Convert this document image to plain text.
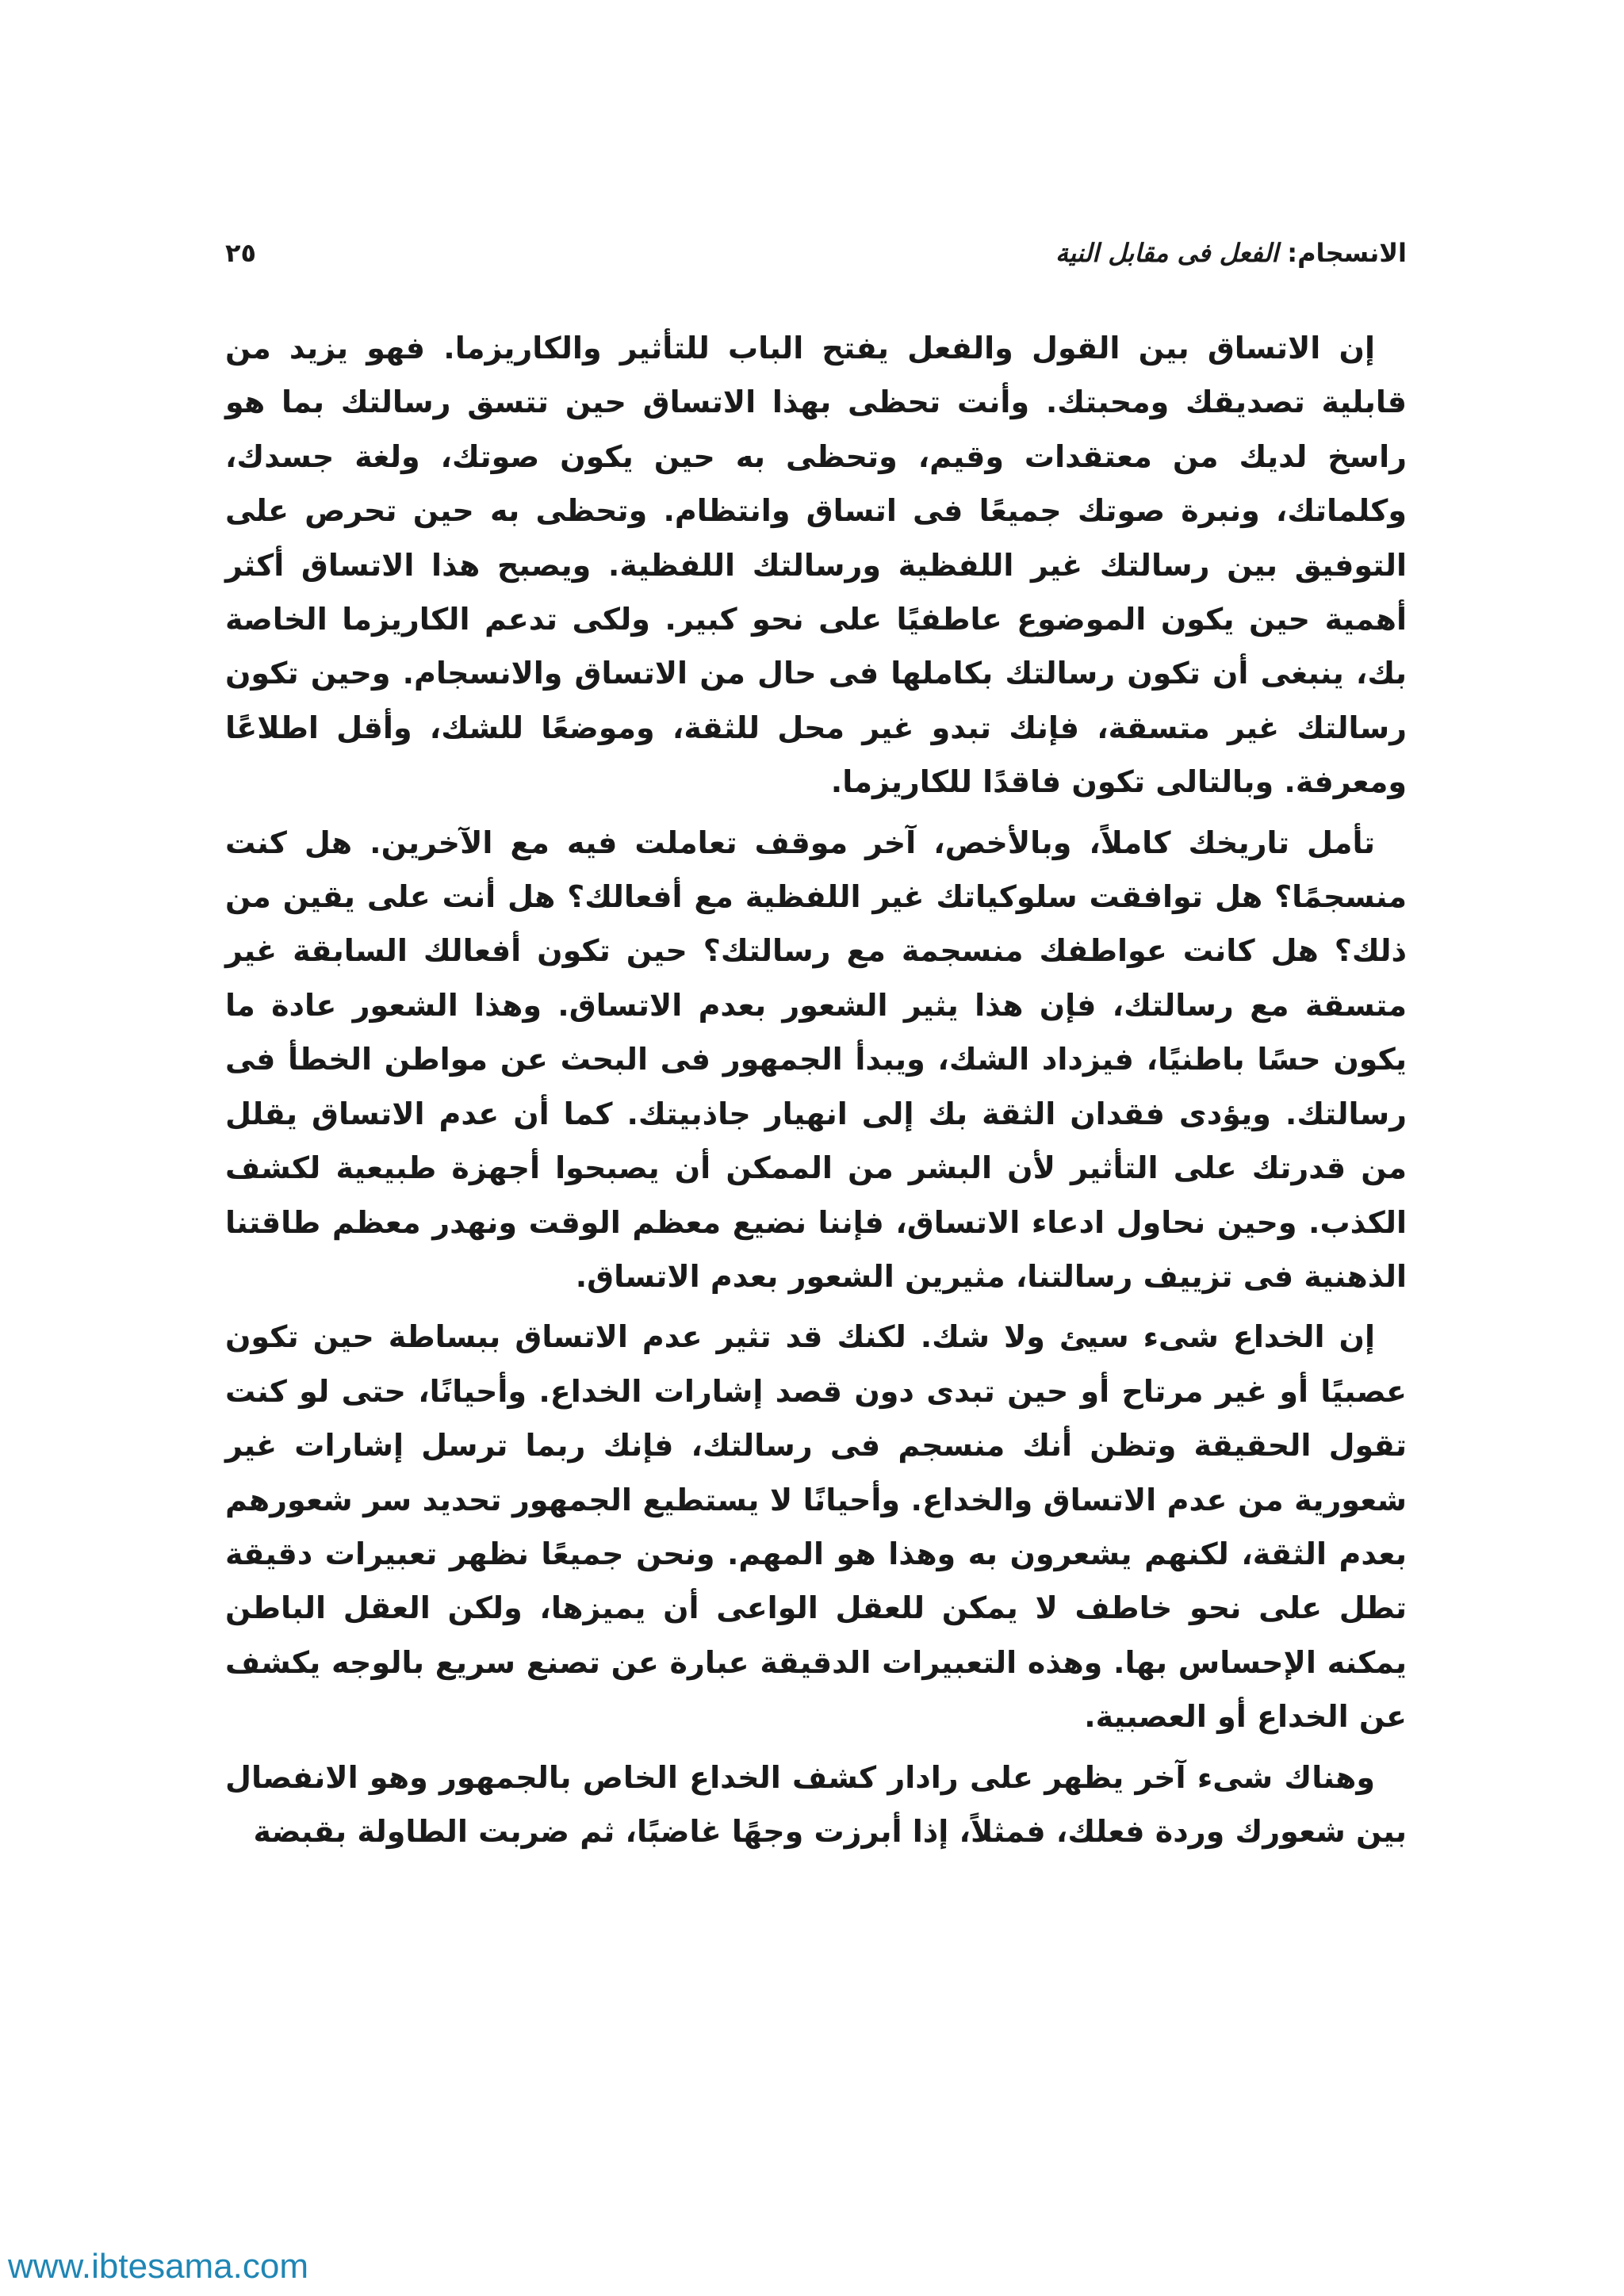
الانسجام: الفعل فى مقابل النية
٢٥

إن الاتساق بين القول والفعل يفتح الباب للتأثير والكاريزما. فهو يزيد من قابلية تصديقك ومحبتك. وأنت تحظى بهذا الاتساق حين تتسق رسالتك بما هو راسخ لديك من معتقدات وقيم، وتحظى به حين يكون صوتك، ولغة جسدك، وكلماتك، ونبرة صوتك جميعًا فى اتساق وانتظام. وتحظى به حين تحرص على التوفيق بين رسالتك غير اللفظية ورسالتك اللفظية. ويصبح هذا الاتساق أكثر أهمية حين يكون الموضوع عاطفيًا على نحو كبير. ولكى تدعم الكاريزما الخاصة بك، ينبغى أن تكون رسالتك بكاملها فى حال من الاتساق والانسجام. وحين تكون رسالتك غير متسقة، فإنك تبدو غير محل للثقة، وموضعًا للشك، وأقل اطلاعًا ومعرفة. وبالتالى تكون فاقدًا للكاريزما.

تأمل تاريخك كاملاً، وبالأخص، آخر موقف تعاملت فيه مع الآخرين. هل كنت منسجمًا؟ هل توافقت سلوكياتك غير اللفظية مع أفعالك؟ هل أنت على يقين من ذلك؟ هل كانت عواطفك منسجمة مع رسالتك؟ حين تكون أفعالك السابقة غير متسقة مع رسالتك، فإن هذا يثير الشعور بعدم الاتساق. وهذا الشعور عادة ما يكون حسًا باطنيًا، فيزداد الشك، ويبدأ الجمهور فى البحث عن مواطن الخطأ فى رسالتك. ويؤدى فقدان الثقة بك إلى انهيار جاذبيتك. كما أن عدم الاتساق يقلل من قدرتك على التأثير لأن البشر من الممكن أن يصبحوا أجهزة طبيعية لكشف الكذب. وحين نحاول ادعاء الاتساق، فإننا نضيع معظم الوقت ونهدر معظم طاقتنا الذهنية فى تزييف رسالتنا، مثيرين الشعور بعدم الاتساق.

إن الخداع شىء سيئ ولا شك. لكنك قد تثير عدم الاتساق ببساطة حين تكون عصبيًا أو غير مرتاح أو حين تبدى دون قصد إشارات الخداع. وأحيانًا، حتى لو كنت تقول الحقيقة وتظن أنك منسجم فى رسالتك، فإنك ربما ترسل إشارات غير شعورية من عدم الاتساق والخداع. وأحيانًا لا يستطيع الجمهور تحديد سر شعورهم بعدم الثقة، لكنهم يشعرون به وهذا هو المهم. ونحن جميعًا نظهر تعبيرات دقيقة تطل على نحو خاطف لا يمكن للعقل الواعى أن يميزها، ولكن العقل الباطن يمكنه الإحساس بها. وهذه التعبيرات الدقيقة عبارة عن تصنع سريع بالوجه يكشف عن الخداع أو العصبية.

وهناك شىء آخر يظهر على رادار كشف الخداع الخاص بالجمهور وهو الانفصال بين شعورك وردة فعلك، فمثلاً، إذا أبرزت وجهًا غاضبًا، ثم ضربت الطاولة بقبضة

www.ibtesama.com
